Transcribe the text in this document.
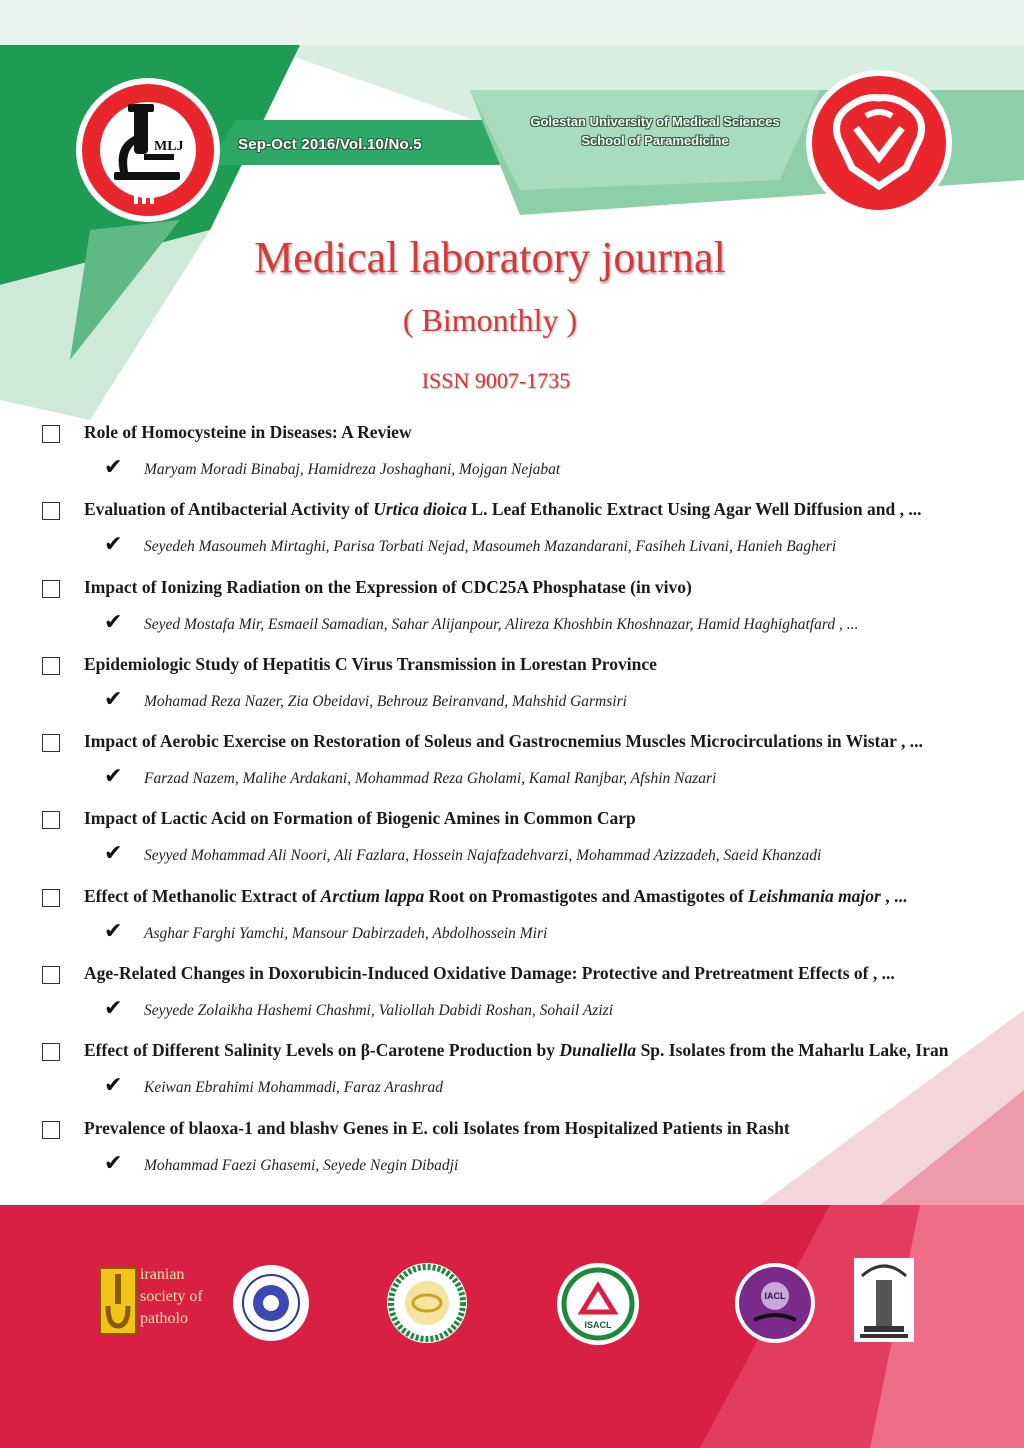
MLJ	Sep-Oct 2016/Vol.10/No.5
Golestan University of Medical Sciences
School of Paramedicine
Medical laboratory journal
( Bimonthly )
ISSN 9007-1735
Role of Homocysteine in Diseases: A Review
✔ Maryam Moradi Binabaj, Hamidreza Joshaghani, Mojgan Nejabat
Evaluation of Antibacterial Activity of Urtica dioica L. Leaf Ethanolic Extract Using Agar Well Diffusion and , ...
✔ Seyedeh Masoumeh Mirtaghi, Parisa Torbati Nejad, Masoumeh Mazandarani, Fasiheh Livani, Hanieh Bagheri
Impact of Ionizing Radiation on the Expression of CDC25A Phosphatase (in vivo)
✔ Seyed Mostafa Mir, Esmaeil Samadian, Sahar Alijanpour, Alireza Khoshbin Khoshnazar, Hamid Haghighatfard , ...
Epidemiologic Study of Hepatitis C Virus Transmission in Lorestan Province
✔ Mohamad Reza Nazer, Zia Obeidavi, Behrouz Beiranvand, Mahshid Garmsiri
Impact of Aerobic Exercise on Restoration of Soleus and Gastrocnemius Muscles Microcirculations in Wistar , ...
✔ Farzad Nazem, Malihe Ardakani, Mohammad Reza Gholami, Kamal Ranjbar, Afshin Nazari
Impact of Lactic Acid on Formation of Biogenic Amines in Common Carp
✔ Seyyed Mohammad Ali Noori, Ali Fazlara, Hossein Najafzadehvarzi, Mohammad Azizzadeh, Saeid Khanzadi
Effect of Methanolic Extract of Arctium lappa Root on Promastigotes and Amastigotes of Leishmania major , ...
✔ Asghar Farghi Yamchi, Mansour Dabirzadeh, Abdolhossein Miri
Age-Related Changes in Doxorubicin-Induced Oxidative Damage: Protective and Pretreatment Effects of , ...
✔ Seyyede Zolaikha Hashemi Chashmi, Valiollah Dabidi Roshan, Sohail Azizi
Effect of Different Salinity Levels on β-Carotene Production by Dunaliella Sp. Isolates from the Maharlu Lake, Iran
✔ Keiwan Ebrahimi Mohammadi, Faraz Arashrad
Prevalence of blaoxa-1 and blashv Genes in E. coli Isolates from Hospitalized Patients in Rasht
✔ Mohammad Faezi Ghasemi, Seyede Negin Dibadji
iranian
society of
patholo	ISACL
IACL
